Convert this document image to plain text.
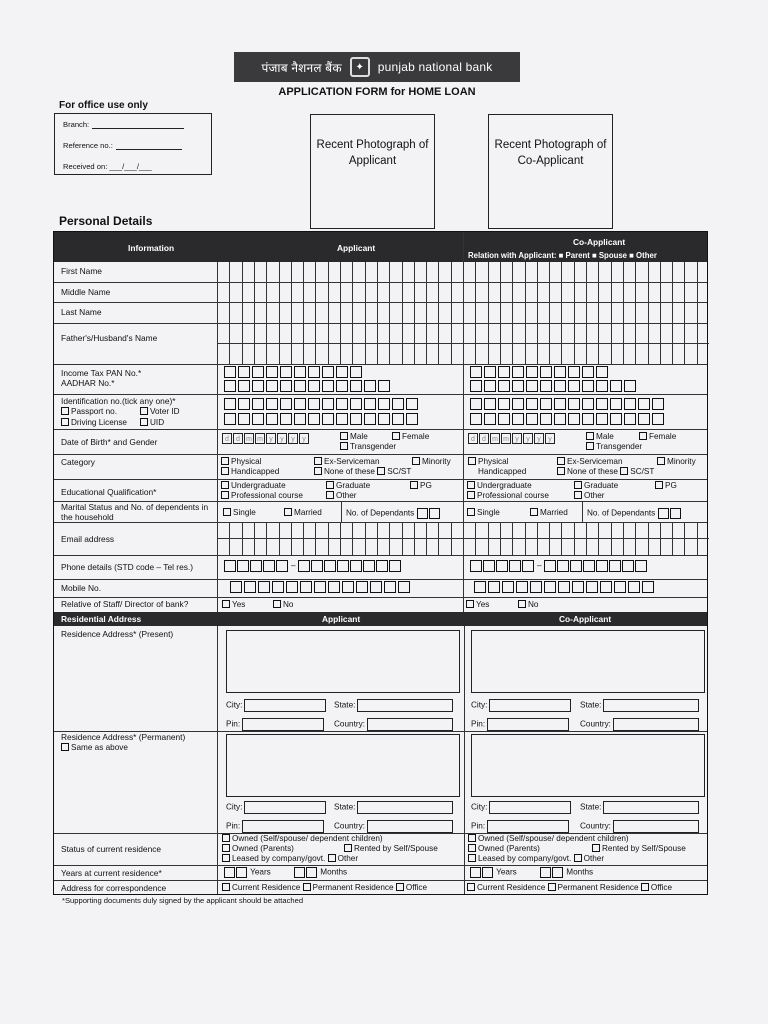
पंजाब नैशनल बैंक	✦	punjab national bank
APPLICATION FORM for HOME LOAN
For office use only
Branch:
Reference no.:
Received on: ___/___/___
Recent Photograph of Applicant
Recent Photograph of Co-Applicant
Personal Details
Information	Applicant
Co-Applicant
Relation with Applicant: ■ Parent ■ Spouse ■ Other
First Name
Middle Name
Last Name
Father's/Husband's Name
Income Tax PAN No.*
AADHAR No.*
Identification no.(tick any one)*
Passport no.	Voter ID
Driving License	UID
Date of Birth* and Gender	d d m m y y y y	Male	Female
Transgender
d d m m y y y y	Male	Female
Transgender
Category	Physical	Ex-Serviceman	Minority
Handicapped	None of these SC/ST
Physical	Ex-Serviceman	Minority
Handicapped	None of these SC/ST
Educational Qualification*
Undergraduate	Graduate	PG
Professional course	Other
Undergraduate	Graduate	PG
Professional course	Other
Marital Status and No. of dependents in the household	Single	Married	No. of Dependants	Single	Married No. of Dependants
Email address
Phone details (STD code – Tel res.)	–	–
Mobile No.
Relative of Staff/ Director of bank?	Yes	No	Yes	No
Residential Address	Applicant	Co-Applicant
Residence Address* (Present)
City:	State:
Pin:	Country:
City:	State:
Pin:	Country:
Residence Address* (Permanent)
Same as above
City:	State:
Pin:	Country:
City:	State:
Pin:	Country:
Status of current residence
Owned (Self/spouse/ dependent children)
Owned (Parents)	Rented by Self/Spouse
Leased by company/govt. Other
Owned (Self/spouse/ dependent children)
Owned (Parents)	Rented by Self/Spouse
Leased by company/govt. Other
Years at current residence*	Years	Months	Years	Months
Address for correspondence	Current Residence Permanent Residence Office	Current Residence Permanent Residence Office
*Supporting documents duly signed by the applicant should be attached
